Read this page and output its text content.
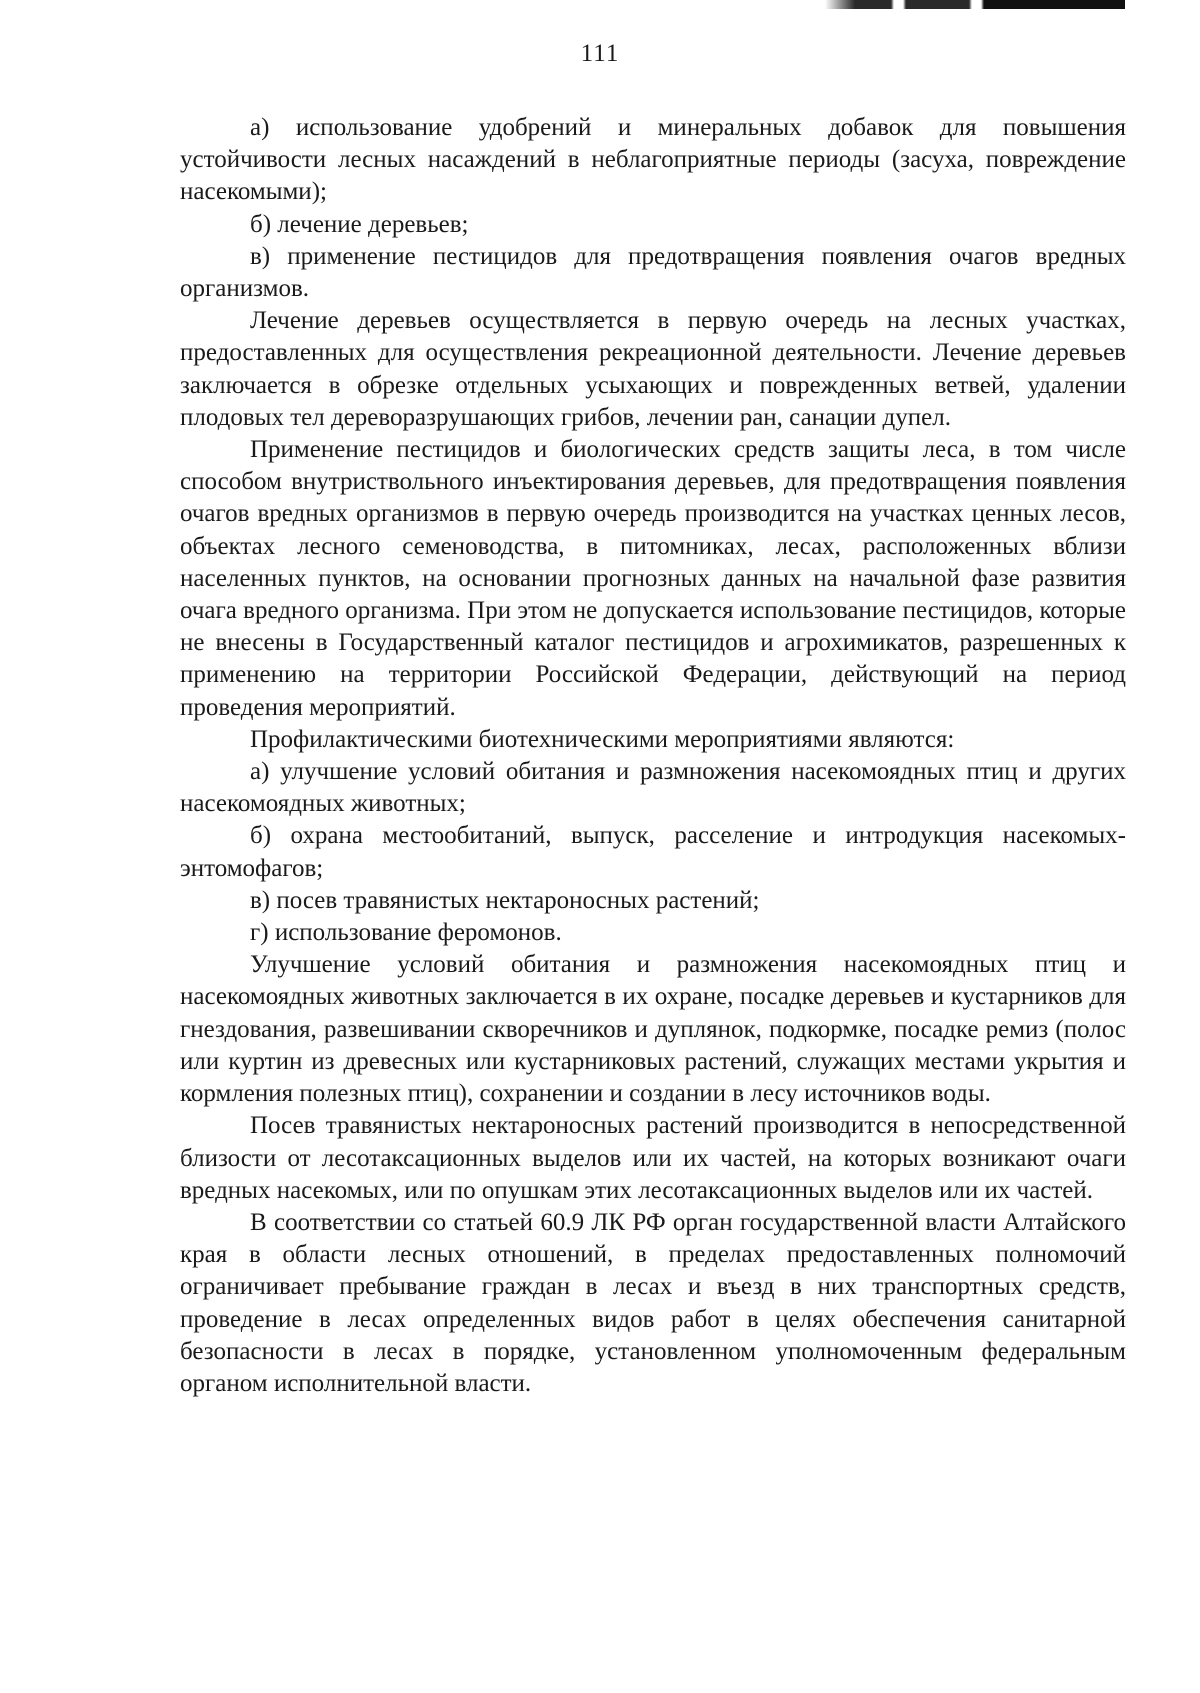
111

а) использование удобрений и минеральных добавок для повышения устойчивости лесных насаждений в неблагоприятные периоды (засуха, повреждение насекомыми);

б) лечение деревьев;

в) применение пестицидов для предотвращения появления очагов вредных организмов.

Лечение деревьев осуществляется в первую очередь на лесных участках, предоставленных для осуществления рекреационной деятельности. Лечение деревьев заключается в обрезке отдельных усыхающих и поврежденных ветвей, удалении плодовых тел дереворазрушающих грибов, лечении ран, санации дупел.

Применение пестицидов и биологических средств защиты леса, в том числе способом внутриствольного инъектирования деревьев, для предотвращения появления очагов вредных организмов в первую очередь производится на участках ценных лесов, объектах лесного семеноводства, в питомниках, лесах, расположенных вблизи населенных пунктов, на основании прогнозных данных на начальной фазе развития очага вредного организма. При этом не допускается использование пестицидов, которые не внесены в Государственный каталог пестицидов и агрохимикатов, разрешенных к применению на территории Российской Федерации, действующий на период проведения мероприятий.

Профилактическими биотехническими мероприятиями являются:

а) улучшение условий обитания и размножения насекомоядных птиц и других насекомоядных животных;

б) охрана местообитаний, выпуск, расселение и интродукция насекомых-энтомофагов;

в) посев травянистых нектароносных растений;

г) использование феромонов.

Улучшение условий обитания и размножения насекомоядных птиц и насекомоядных животных заключается в их охране, посадке деревьев и кустарников для гнездования, развешивании скворечников и дуплянок, подкормке, посадке ремиз (полос или куртин из древесных или кустарниковых растений, служащих местами укрытия и кормления полезных птиц), сохранении и создании в лесу источников воды.

Посев травянистых нектароносных растений производится в непосредственной близости от лесотаксационных выделов или их частей, на которых возникают очаги вредных насекомых, или по опушкам этих лесотаксационных выделов или их частей.

В соответствии со статьей 60.9 ЛК РФ орган государственной власти Алтайского края в области лесных отношений, в пределах предоставленных полномочий ограничивает пребывание граждан в лесах и въезд в них транспортных средств, проведение в лесах определенных видов работ в целях обеспечения санитарной безопасности в лесах в порядке, установленном уполномоченным федеральным органом исполнительной власти.
